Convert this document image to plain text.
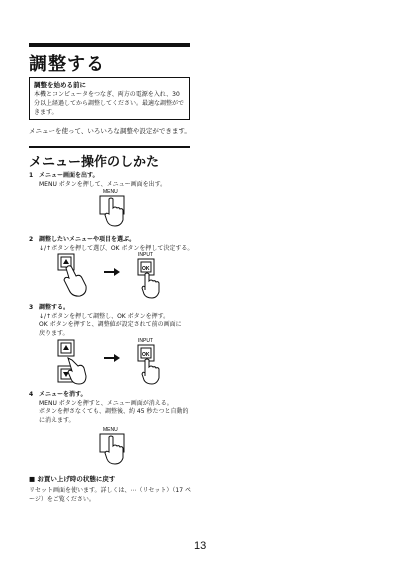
調整する
調整を始める前に
本機とコンピュータをつなぎ、両方の電源を入れ、30分以上経過してから調整してください。最適な調整ができます。
メニューを使って、いろいろな調整や設定ができます。
メニュー操作のしかた
1 メニュー画面を出す。
MENU ボタンを押して、メニュー画面を出す。
MENU
2 調整したいメニューや項目を選ぶ。
↓/↑ボタンを押して選び、OK ボタンを押して決定する。
INPUT
OK
3 調整する。
↓/↑ボタンを押して調整し、OK ボタンを押す。
OK ボタンを押すと、調整値が設定されて前の画面に
戻ります。
INPUT
OK
4 メニューを消す。
MENU ボタンを押すと、メニュー画面が消える。
ボタンを押さなくても、調整後、約 45 秒たつと自動的
に消えます。
MENU
■ お買い上げ時の状態に戻す
リセット画面を使います。詳しくは、⋯（リセット）（17 ページ）をご覧ください。
13
